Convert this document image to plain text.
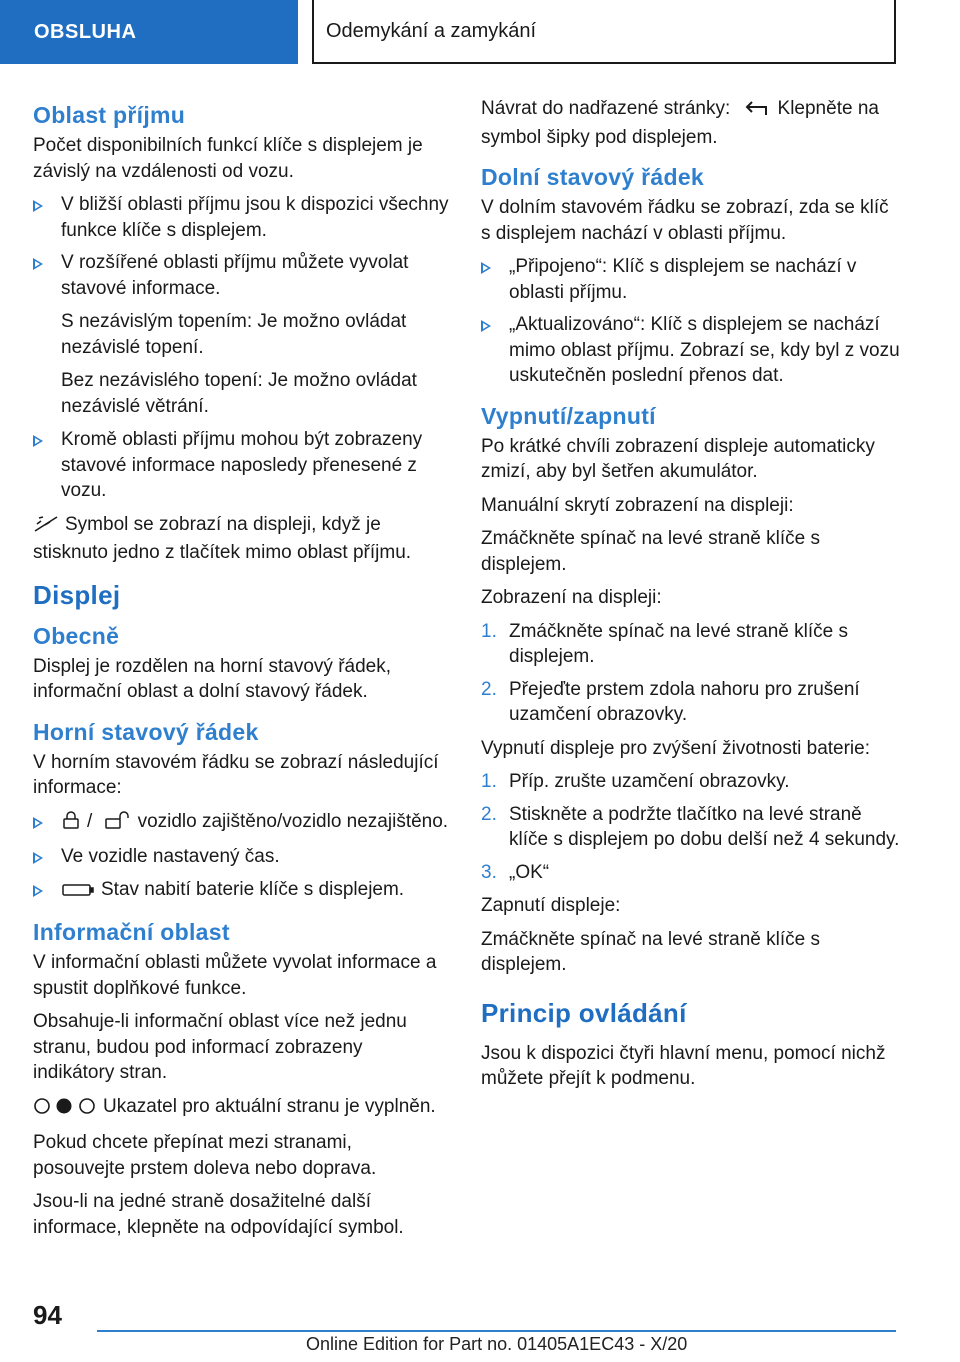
OBSLUHA	Odemykání a zamykání
Oblast příjmu

Počet disponibilních funkcí klíče s displejem je závislý na vzdálenosti od vozu.

V bližší oblasti příjmu jsou k dispozici všechny funkce klíče s displejem.
V rozšířené oblasti příjmu můžete vyvolat stavové informace.

S nezávislým topením: Je možno ovládat nezávislé topení.

Bez nezávislého topení: Je možno ovládat nezávislé větrání.

Kromě oblasti příjmu mohou být zobrazeny stavové informace naposledy přenesené z vozu.

Symbol se zobrazí na displeji, když je stisknuto jedno z tlačítek mimo oblast příjmu.

Displej
Obecně

Displej je rozdělen na horní stavový řádek, informační oblast a dolní stavový řádek.

Horní stavový řádek

V horním stavovém řádku se zobrazí následující informace:

/ vozidlo zajištěno/vozidlo nezajištěno.
Ve vozidle nastavený čas.
Stav nabití baterie klíče s displejem.
Informační oblast

V informační oblasti můžete vyvolat informace a spustit doplňkové funkce.

Obsahuje-li informační oblast více než jednu stranu, budou pod informací zobrazeny indikátory stran.

Ukazatel pro aktuální stranu je vyplněn.

Pokud chcete přepínat mezi stranami, posouvejte prstem doleva nebo doprava.

Jsou-li na jedné straně dosažitelné další informace, klepněte na odpovídající symbol.

Návrat do nadřazené stránky: Klepněte na symbol šipky pod displejem.

Dolní stavový řádek

V dolním stavovém řádku se zobrazí, zda se klíč s displejem nachází v oblasti příjmu.

„Připojeno“: Klíč s displejem se nachází v oblasti příjmu.
„Aktualizováno“: Klíč s displejem se nachází mimo oblast příjmu. Zobrazí se, kdy byl z vozu uskutečněn poslední přenos dat.
Vypnutí/zapnutí

Po krátké chvíli zobrazení displeje automaticky zmizí, aby byl šetřen akumulátor.

Manuální skrytí zobrazení na displeji:

Zmáčkněte spínač na levé straně klíče s displejem.

Zobrazení na displeji:

1. Zmáčkněte spínač na levé straně klíče s displejem.
2. Přejeďte prstem zdola nahoru pro zrušení uzamčení obrazovky.

Vypnutí displeje pro zvýšení životnosti baterie:

1. Příp. zrušte uzamčení obrazovky.
2. Stiskněte a podržte tlačítko na levé straně klíče s displejem po dobu delší než 4 sekundy.
3. „OK“

Zapnutí displeje:

Zmáčkněte spínač na levé straně klíče s displejem.

Princip ovládání

Jsou k dispozici čtyři hlavní menu, pomocí nichž můžete přejít k podmenu.

94
Online Edition for Part no. 01405A1EC43 - X/20
